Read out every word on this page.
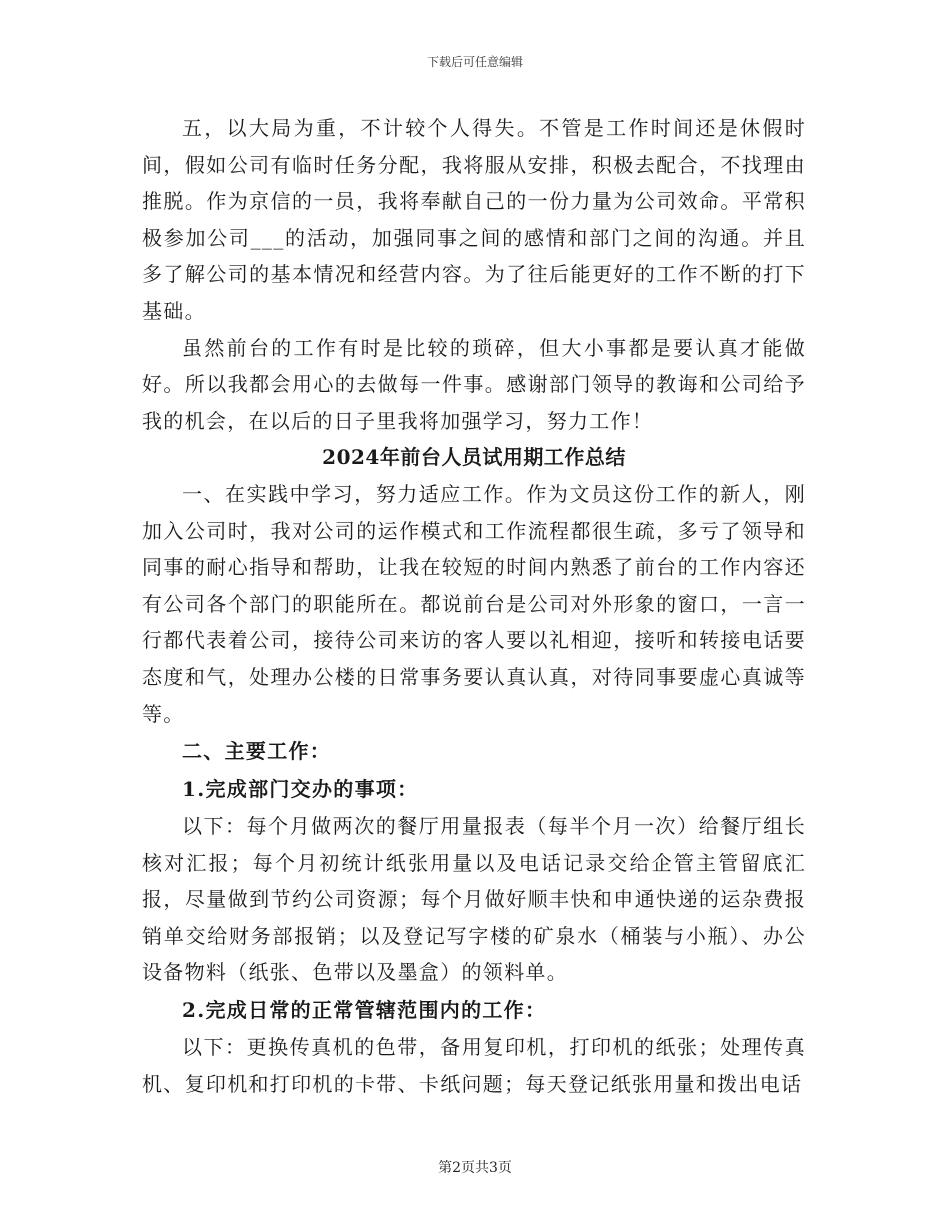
下载后可任意编辑

五，以大局为重，不计较个人得失。不管是工作时间还是休假时间，假如公司有临时任务分配，我将服从安排，积极去配合，不找理由推脱。作为京信的一员，我将奉献自己的一份力量为公司效命。平常积极参加公司___的活动，加强同事之间的感情和部门之间的沟通。并且多了解公司的基本情况和经营内容。为了往后能更好的工作不断的打下基础。

虽然前台的工作有时是比较的琐碎，但大小事都是要认真才能做好。所以我都会用心的去做每一件事。感谢部门领导的教诲和公司给予我的机会，在以后的日子里我将加强学习，努力工作！

2024年前台人员试用期工作总结

一、在实践中学习，努力适应工作。作为文员这份工作的新人，刚加入公司时，我对公司的运作模式和工作流程都很生疏，多亏了领导和同事的耐心指导和帮助，让我在较短的时间内熟悉了前台的工作内容还有公司各个部门的职能所在。都说前台是公司对外形象的窗口，一言一行都代表着公司，接待公司来访的客人要以礼相迎，接听和转接电话要态度和气，处理办公楼的日常事务要认真认真，对待同事要虚心真诚等等。

二、主要工作：

1.完成部门交办的事项：

以下：每个月做两次的餐厅用量报表（每半个月一次）给餐厅组长核对汇报；每个月初统计纸张用量以及电话记录交给企管主管留底汇报，尽量做到节约公司资源；每个月做好顺丰快和申通快递的运杂费报销单交给财务部报销；以及登记写字楼的矿泉水（桶装与小瓶）、办公设备物料（纸张、色带以及墨盒）的领料单。

2.完成日常的正常管辖范围内的工作：

以下：更换传真机的色带，备用复印机，打印机的纸张；处理传真机、复印机和打印机的卡带、卡纸问题；每天登记纸张用量和拨出电话

第2页共3页
